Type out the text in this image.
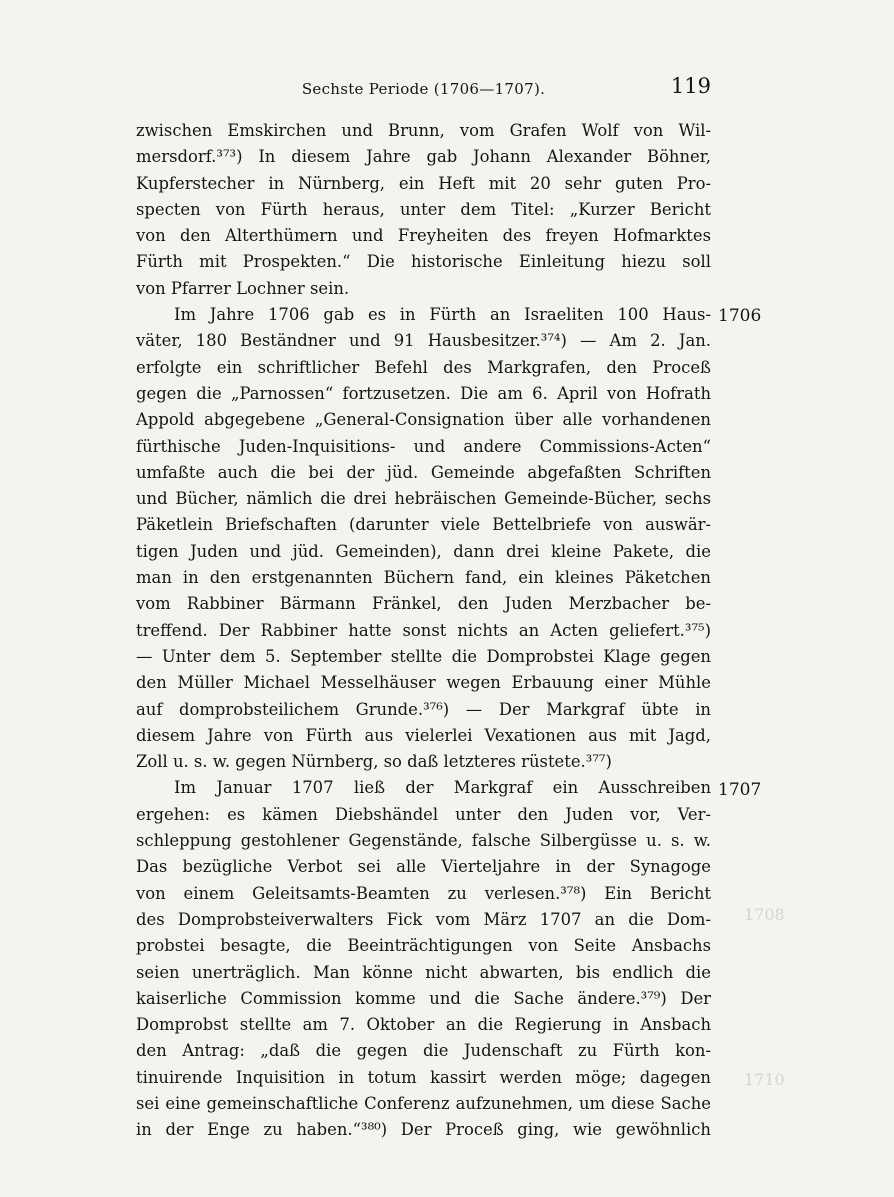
Sechste Periode (1706—1707).	119
zwischen Emskirchen und Brunn, vom Grafen Wolf von Wil-
mersdorf.³⁷³) In diesem Jahre gab Johann Alexander Böhner,
Kupferstecher in Nürnberg, ein Heft mit 20 sehr guten Pro-
specten von Fürth heraus, unter dem Titel: „Kurzer Bericht
von den Alterthümern und Freyheiten des freyen Hofmarktes
Fürth mit Prospekten.“ Die historische Einleitung hiezu soll
von Pfarrer Lochner sein.
Im Jahre 1706 gab es in Fürth an Israeliten 100 Haus-
väter, 180 Beständner und 91 Hausbesitzer.³⁷⁴) — Am 2. Jan.
erfolgte ein schriftlicher Befehl des Markgrafen, den Proceß
gegen die „Parnossen“ fortzusetzen. Die am 6. April von Hofrath
Appold abgegebene „General-Consignation über alle vorhandenen
fürthische Juden-Inquisitions- und andere Commissions-Acten“
umfaßte auch die bei der jüd. Gemeinde abgefaßten Schriften
und Bücher, nämlich die drei hebräischen Gemeinde-Bücher, sechs
Päketlein Briefschaften (darunter viele Bettelbriefe von auswär-
tigen Juden und jüd. Gemeinden), dann drei kleine Pakete, die
man in den erstgenannten Büchern fand, ein kleines Päketchen
vom Rabbiner Bärmann Fränkel, den Juden Merzbacher be-
treffend. Der Rabbiner hatte sonst nichts an Acten geliefert.³⁷⁵)
— Unter dem 5. September stellte die Domprobstei Klage gegen
den Müller Michael Messelhäuser wegen Erbauung einer Mühle
auf domprobsteilichem Grunde.³⁷⁶) — Der Markgraf übte in
diesem Jahre von Fürth aus vielerlei Vexationen aus mit Jagd,
Zoll u. s. w. gegen Nürnberg, so daß letzteres rüstete.³⁷⁷)
Im Januar 1707 ließ der Markgraf ein Ausschreiben
ergehen: es kämen Diebshändel unter den Juden vor, Ver-
schleppung gestohlener Gegenstände, falsche Silbergüsse u. s. w.
Das bezügliche Verbot sei alle Vierteljahre in der Synagoge
von einem Geleitsamts-Beamten zu verlesen.³⁷⁸) Ein Bericht
des Domprobsteiverwalters Fick vom März 1707 an die Dom-
probstei besagte, die Beeinträchtigungen von Seite Ansbachs
seien unerträglich. Man könne nicht abwarten, bis endlich die
kaiserliche Commission komme und die Sache ändere.³⁷⁹) Der
Domprobst stellte am 7. Oktober an die Regierung in Ansbach
den Antrag: „daß die gegen die Judenschaft zu Fürth kon-
tinuirende Inquisition in totum kassirt werden möge; dagegen
sei eine gemeinschaftliche Conferenz aufzunehmen, um diese Sache
in der Enge zu haben.“³⁸⁰) Der Proceß ging, wie gewöhnlich
1706
1707
1708
1710
